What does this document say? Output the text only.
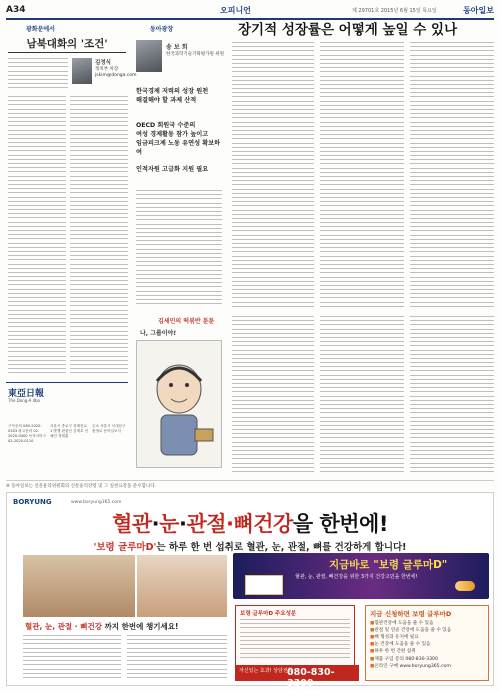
A34	오피니언	제 29701호 2015년 6월 15일 목요일	동아일보
광화문에서
남북대화의 '조건'
김정식
정치부 차장
jskim@donga.com
동아광장
송 보 희
한국과학기술기획평가원 위원
한국경제 저력의 성장 원천
해결해야 할 과제 산적
OECD 회원국 수준의
여성 경제활동 참가 높이고
임금피크제 노동 유연성 확보하여
인적자원 고급화 지원 필요
장기적 성장률은 어떻게 높일 수 있나
김세민의 떡볶반 툰툰
나, 그룹이야!
東亞日報
The Dong-A Ilbo
구독문의 080-2020-0303 광고문의 02-2020-0400 독자서비스 02-2020-0110
서울시 종로구 청계천로 1 발행 편집인 김재호 인쇄인 정태훈
주소 서울시 서대문구 충정로 동아일보사
※ 동아일보는 신문윤리위원회의 신문윤리강령 및 그 실천요강을 준수합니다.
BORYUNG	www.boryung365.com
혈관·눈·관절·뼈건강을 한번에!
'보령 글루마D'는 하루 한 번 섭취로 혈관, 눈, 관절, 뼈를 건강하게 합니다!
지금바로 "보령 글루마D"
혈관, 눈, 관절, 뼈건강을 위한 3가지 건강고민을 한번에!
혈관, 눈, 관절 · 뼈건강 까지 한번에 챙기세요!
보령 글루마D 주요성분
자신있는 효과! 상담전화
080-830-3300
지금 신청하면 보령 글루마D
■ 혈관건강에 도움을 줄 수 있음
■ 관절 및 연골 건강에 도움을 줄 수 있음
■ 뼈 형성과 유지에 필요
■ 눈 건강에 도움을 줄 수 있음
■ 하루 한 번 간편 섭취
■ 제품 구입 문의 080-830-3300
■ 온라인 구매 www.boryung365.com
